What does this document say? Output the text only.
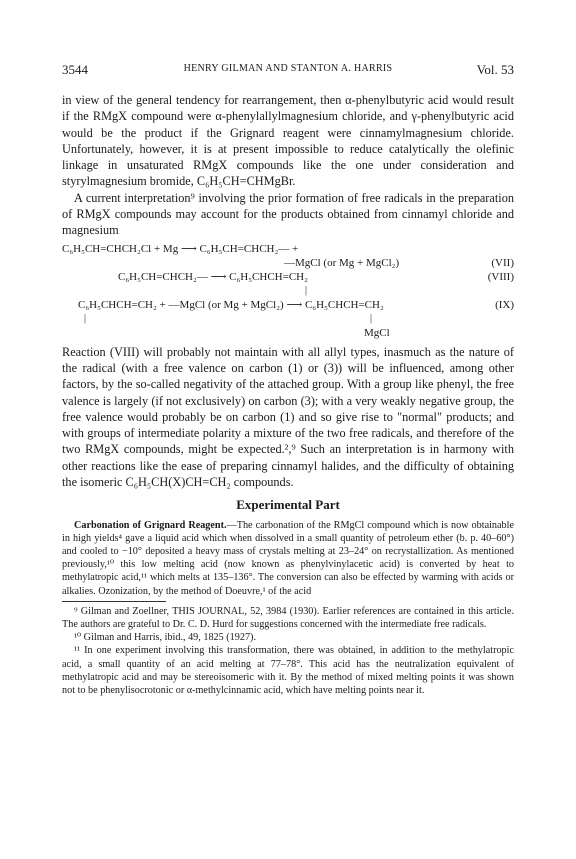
3544	HENRY GILMAN AND STANTON A. HARRIS	Vol. 53

in view of the general tendency for rearrangement, then α-phenylbutyric acid would result if the RMgX compound were α-phenylallylmagnesium chloride, and γ-phenylbutyric acid would be the product if the Grignard reagent were cinnamylmagnesium chloride. Unfortunately, however, it is at present impossible to reduce catalytically the olefinic linkage in unsaturated RMgX compounds like the one under consideration and styrylmagnesium bromide, C₆H₅CH=CHMgBr.

A current interpretation⁹ involving the prior formation of free radicals in the preparation of RMgX compounds may account for the products obtained from cinnamyl chloride and magnesium

C₆H₅CH=CHCH₂Cl + Mg ⟶ C₆H₅CH=CHCH₂— +
—MgCl (or Mg + MgCl₂)	(VII)
C₆H₅CH=CHCH₂— ⟶ C₆H₅CHCH=CH₂	(VIII)
|
C₆H₅CHCH=CH₂ + —MgCl (or Mg + MgCl₂) ⟶ C₆H₅CHCH=CH₂	(IX)
|	|
MgCl

Reaction (VIII) will probably not maintain with all allyl types, inasmuch as the nature of the radical (with a free valence on carbon (1) or (3)) will be influenced, among other factors, by the so-called negativity of the attached group. With a group like phenyl, the free valence is largely (if not exclusively) on carbon (3); with a very weakly negative group, the free valence would probably be on carbon (1) and so give rise to "normal" products; and with groups of intermediate polarity a mixture of the two free radicals, and therefore of the two RMgX compounds, might be expected.²,⁹ Such an interpretation is in harmony with other reactions like the ease of preparing cinnamyl halides, and the difficulty of obtaining the isomeric C₆H₅CH(X)CH=CH₂ compounds.

Experimental Part

Carbonation of Grignard Reagent.—The carbonation of the RMgCl compound which is now obtainable in high yields⁴ gave a liquid acid which when dissolved in a small quantity of petroleum ether (b. p. 40–60°) and cooled to −10° deposited a heavy mass of crystals melting at 23–24° on recrystallization. As mentioned previously,¹⁰ this low melting acid (now known as phenylvinylacetic acid) is converted by heat to methylatropic acid,¹¹ which melts at 135–136°. The conversion can also be effected by warming with acids or alkalies. Ozonization, by the method of Doeuvre,¹ of the acid

⁹ Gilman and Zoellner, THIS JOURNAL, 52, 3984 (1930). Earlier references are contained in this article. The authors are grateful to Dr. C. D. Hurd for suggestions concerned with the intermediate free radicals.

¹⁰ Gilman and Harris, ibid., 49, 1825 (1927).

¹¹ In one experiment involving this transformation, there was obtained, in addition to the methylatropic acid, a small quantity of an acid melting at 77–78°. This acid has the neutralization equivalent of methylatropic acid and may be stereoisomeric with it. By the method of mixed melting points it was shown not to be phenylisocrotonic or α-methylcinnamic acid, which have melting points near it.
